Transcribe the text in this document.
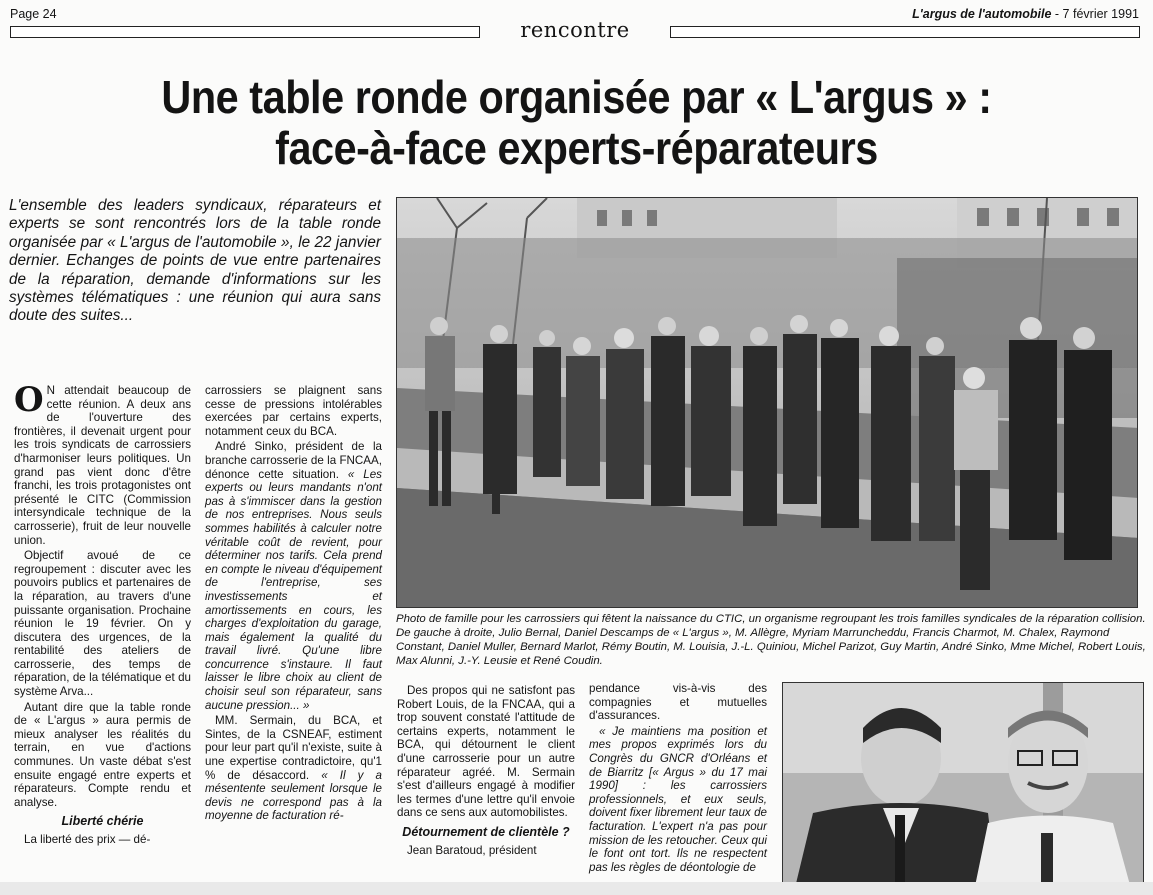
Page 24	L'argus de l'automobile - 7 février 1991
rencontre
Une table ronde organisée par « L'argus » :
face-à-face experts-réparateurs
L'ensemble des leaders syndicaux, réparateurs et experts se sont rencontrés lors de la table ronde organisée par « L'argus de l'automobile », le 22 janvier dernier. Echanges de points de vue entre partenaires de la réparation, demande d'informations sur les systèmes télématiques : une réunion qui aura sans doute des suites...

O N attendait beaucoup de cette réunion. A deux ans de l'ouverture des frontières, il devenait urgent pour les trois syndicats de carrossiers d'harmoniser leurs politiques. Un grand pas vient donc d'être franchi, les trois protagonistes ont présenté le CITC (Commission intersyndicale technique de la carrosserie), fruit de leur nouvelle union.

Objectif avoué de ce regroupement : discuter avec les pouvoirs publics et partenaires de la réparation, au travers d'une puissante organisation. Prochaine réunion le 19 février. On y discutera des urgences, de la rentabilité des ateliers de carrosserie, des temps de réparation, de la télématique et du système Arva...

Autant dire que la table ronde de « L'argus » aura permis de mieux analyser les réalités du terrain, en vue d'actions communes. Un vaste débat s'est ensuite engagé entre experts et réparateurs. Compte rendu et analyse.

Liberté chérie

La liberté des prix — dé-

carrossiers se plaignent sans cesse de pressions intolérables exercées par certains experts, notamment ceux du BCA.

André Sinko, président de la branche carrosserie de la FNCAA, dénonce cette situation. « Les experts ou leurs mandants n'ont pas à s'immiscer dans la gestion de nos entreprises. Nous seuls sommes habilités à calculer notre véritable coût de revient, pour déterminer nos tarifs. Cela prend en compte le niveau d'équipement de l'entreprise, ses investissements et amortissements en cours, les charges d'exploitation du garage, mais également la qualité du travail livré. Qu'une libre concurrence s'instaure. Il faut laisser le libre choix au client de choisir seul son réparateur, sans aucune pression... »

MM. Sermain, du BCA, et Sintes, de la CSNEAF, estiment pour leur part qu'il n'existe, suite à une expertise contradictoire, qu'1 % de désaccord. « Il y a mésentente seulement lorsque le devis ne correspond pas à la moyenne de facturation ré-

Photo de famille pour les carrossiers qui fêtent la naissance du CTIC, un organisme regroupant les trois familles syndicales de la réparation collision. De gauche à droite, Julio Bernal, Daniel Descamps de « L'argus », M. Allègre, Myriam Marruncheddu, Francis Charmot, M. Chalex, Raymond Constant, Daniel Muller, Bernard Marlot, Rémy Boutin, M. Louisia, J.-L. Quiniou, Michel Parizot, Guy Martin, André Sinko, Mme Michel, Robert Louis, Max Alunni, J.-Y. Leusie et René Coudin.

Des propos qui ne satisfont pas Robert Louis, de la FNCAA, qui a trop souvent constaté l'attitude de certains experts, notamment le BCA, qui détournent le client d'une carrosserie pour un autre réparateur agréé. M. Sermain s'est d'ailleurs engagé à modifier les termes d'une lettre qu'il envoie dans ce sens aux automobilistes.

Détournement de clientèle ?

Jean Baratoud, président

pendance vis-à-vis des compagnies et mutuelles d'assurances.

« Je maintiens ma position et mes propos exprimés lors du Congrès du GNCR d'Orléans et de Biarritz [« Argus » du 17 mai 1990] : les carrossiers professionnels, et eux seuls, doivent fixer librement leur taux de facturation. L'expert n'a pas pour mission de les retoucher. Ceux qui le font ont tort. Ils ne respectent pas les règles de déontologie de
